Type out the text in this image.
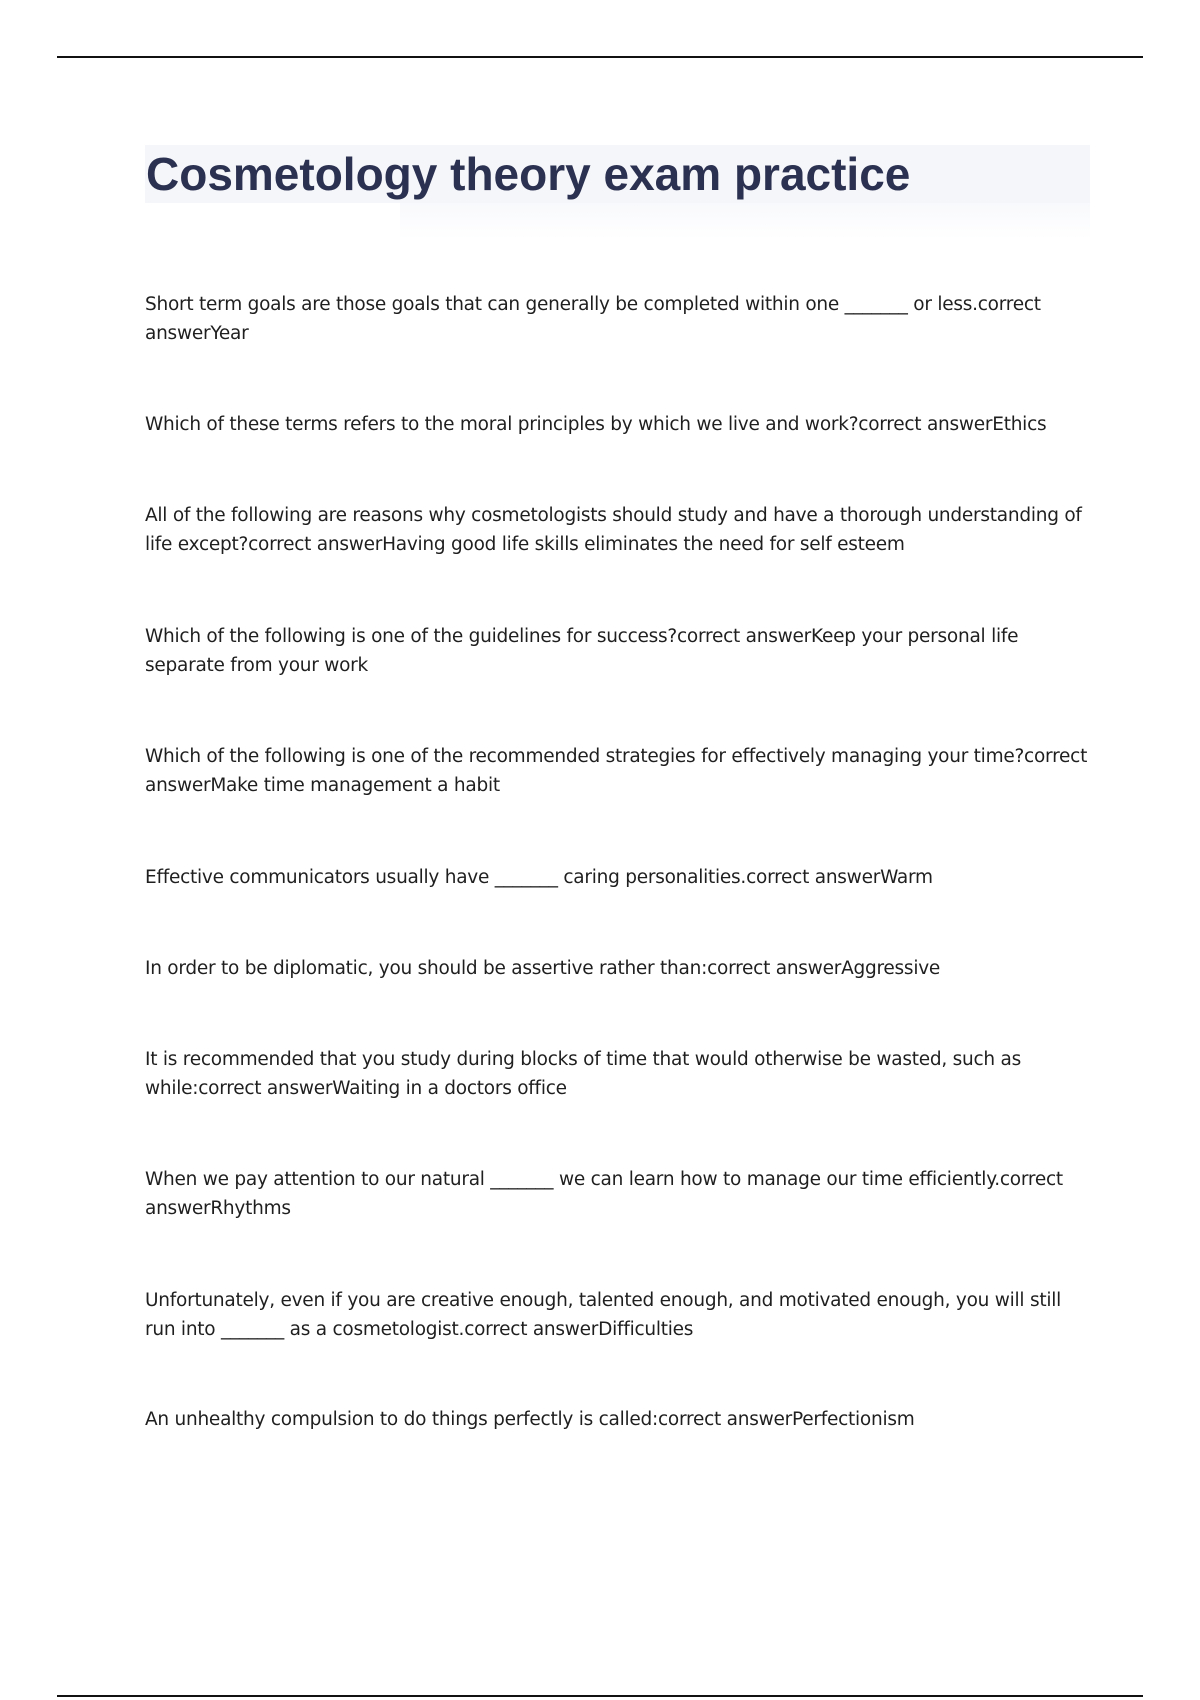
Cosmetology theory exam practice

Short term goals are those goals that can generally be completed within one _______ or less.correct answerYear

Which of these terms refers to the moral principles by which we live and work?correct answerEthics

All of the following are reasons why cosmetologists should study and have a thorough understanding of life except?correct answerHaving good life skills eliminates the need for self esteem

Which of the following is one of the guidelines for success?correct answerKeep your personal life separate from your work

Which of the following is one of the recommended strategies for effectively managing your time?correct answerMake time management a habit

Effective communicators usually have _______ caring personalities.correct answerWarm

In order to be diplomatic, you should be assertive rather than:correct answerAggressive

It is recommended that you study during blocks of time that would otherwise be wasted, such as while:correct answerWaiting in a doctors office

When we pay attention to our natural _______ we can learn how to manage our time efficiently.correct answerRhythms

Unfortunately, even if you are creative enough, talented enough, and motivated enough, you will still run into _______ as a cosmetologist.correct answerDifficulties

An unhealthy compulsion to do things perfectly is called:correct answerPerfectionism
